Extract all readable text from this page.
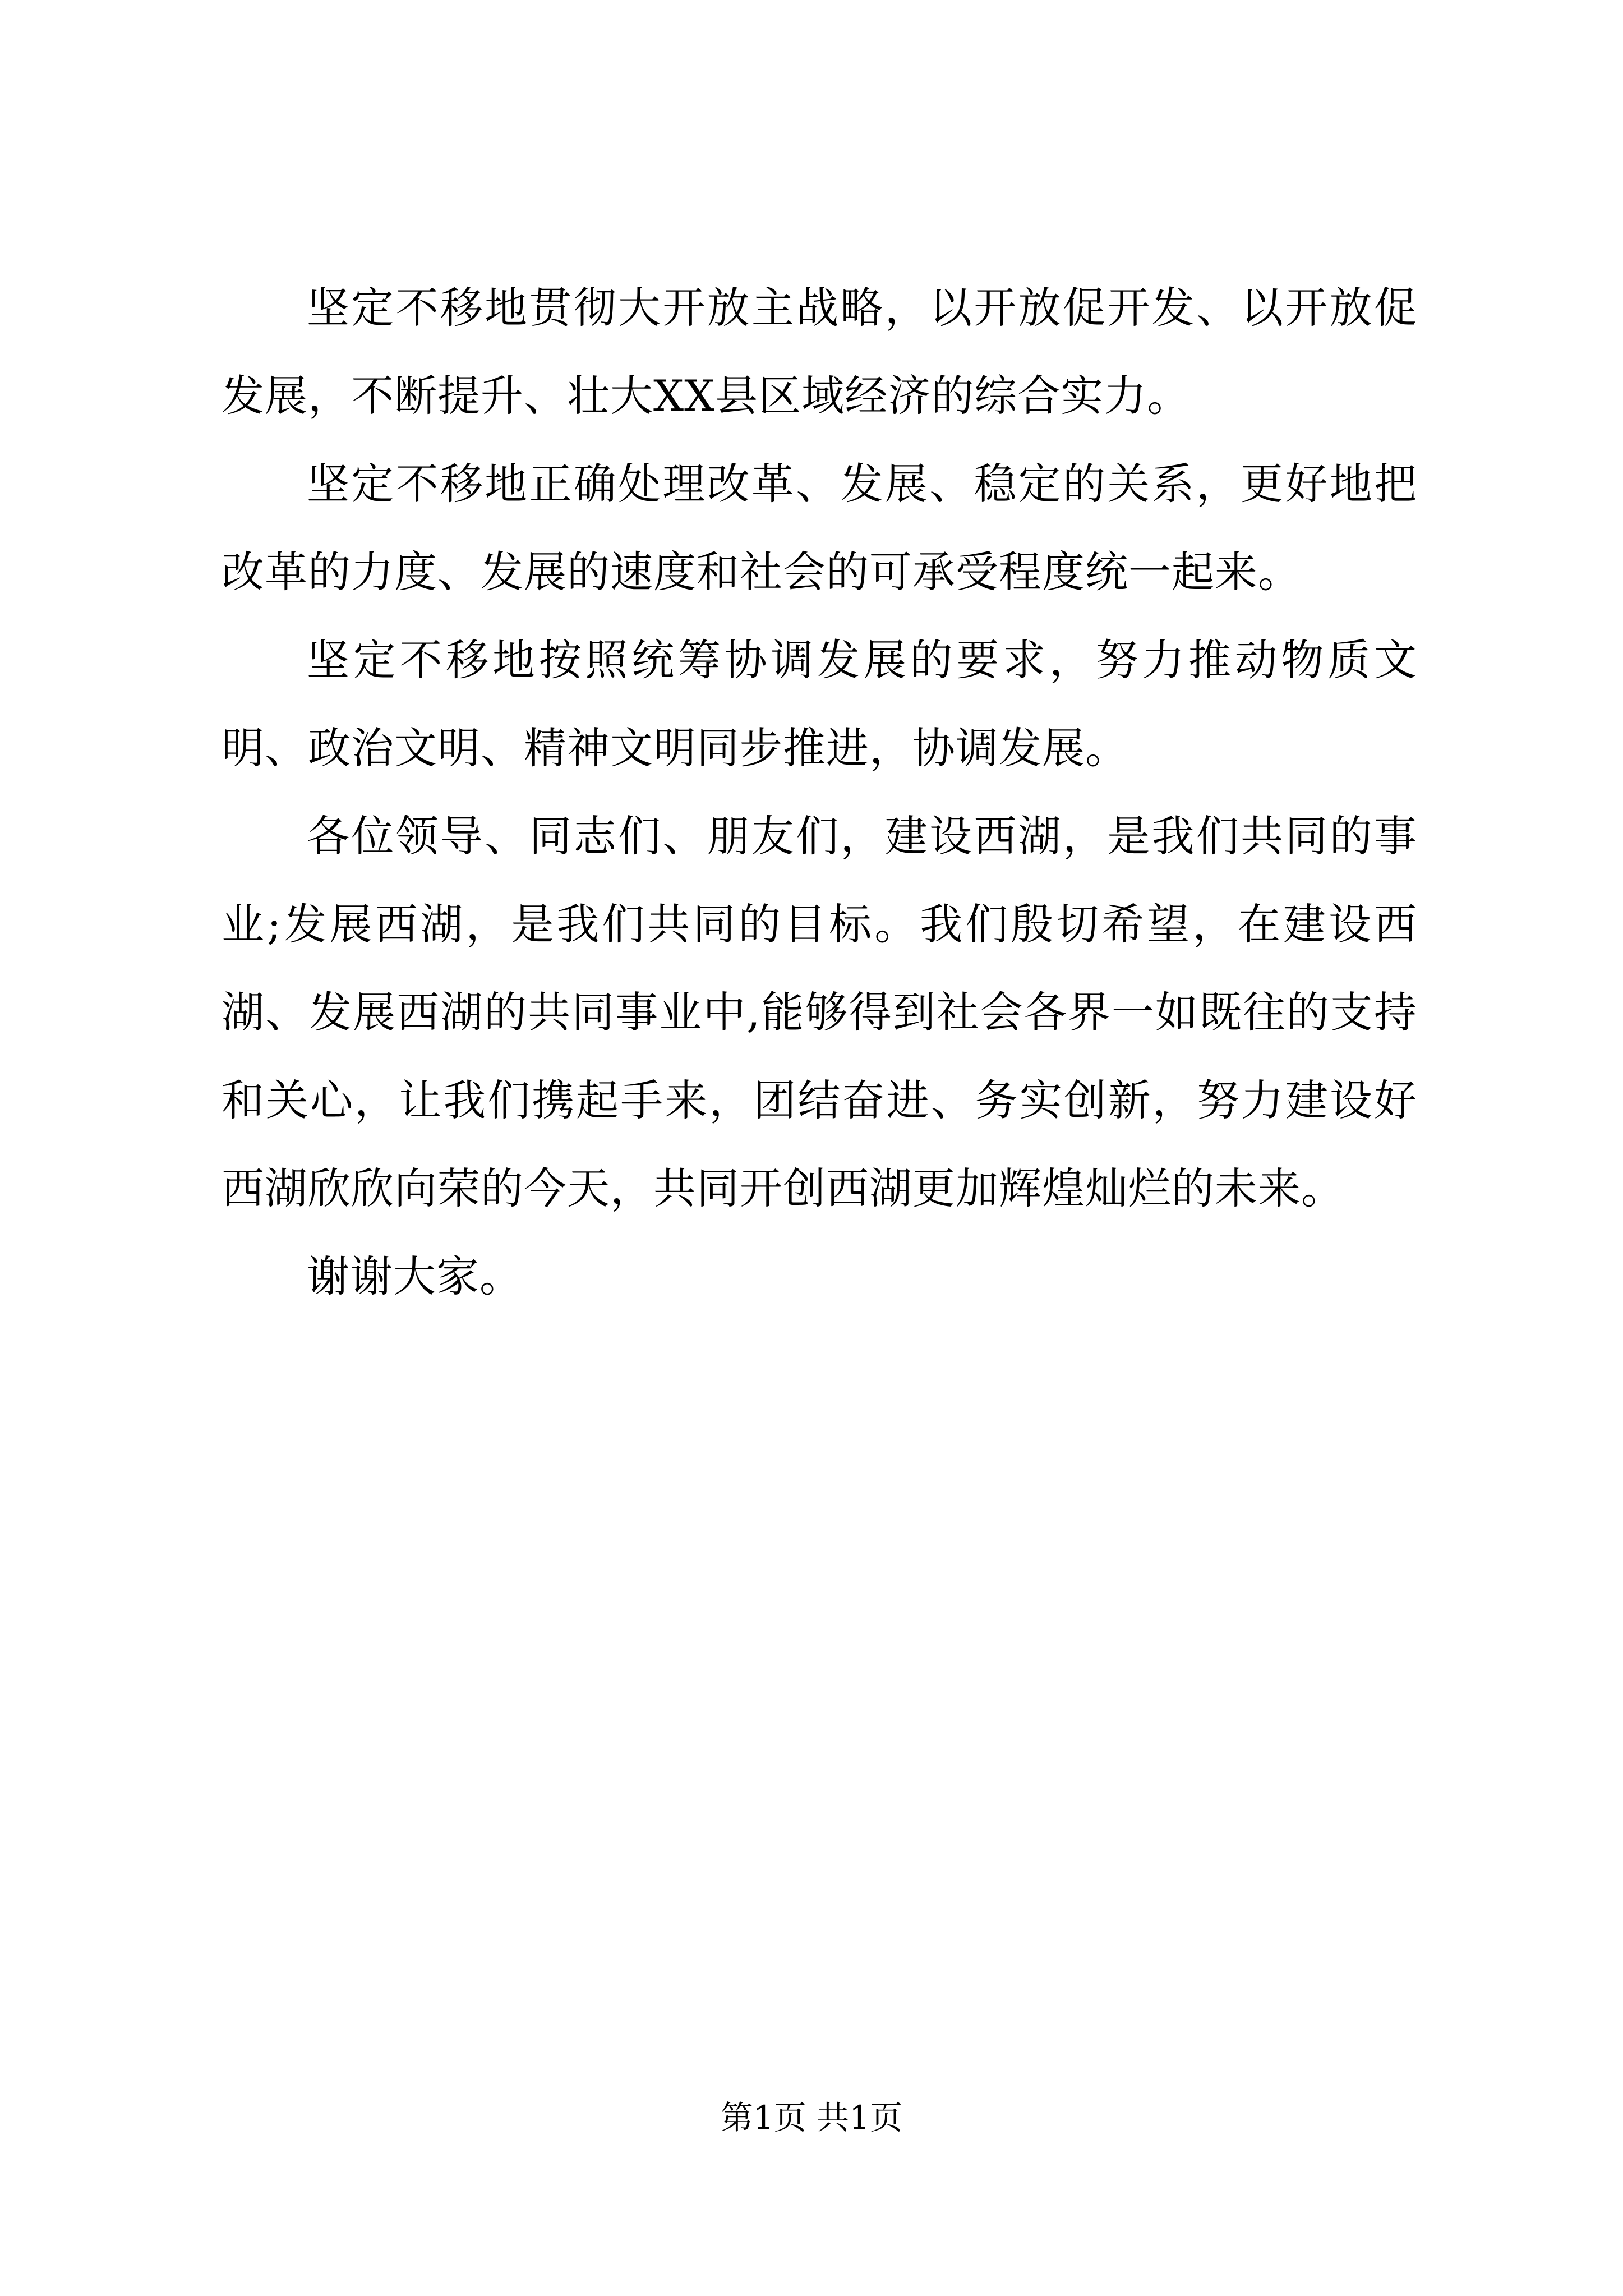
坚定不移地贯彻大开放主战略，以开放促开发、以开放促发展，不断提升、壮大XX县区域经济的综合实力。

坚定不移地正确处理改革、发展、稳定的关系，更好地把改革的力度、发展的速度和社会的可承受程度统一起来。

坚定不移地按照统筹协调发展的要求，努力推动物质文明、政治文明、精神文明同步推进，协调发展。

各位领导、同志们、朋友们，建设西湖，是我们共同的事业;发展西湖，是我们共同的目标。我们殷切希望，在建设西湖、发展西湖的共同事业中,能够得到社会各界一如既往的支持和关心，让我们携起手来，团结奋进、务实创新，努力建设好西湖欣欣向荣的今天，共同开创西湖更加辉煌灿烂的未来。

谢谢大家。

第1页 共1页
